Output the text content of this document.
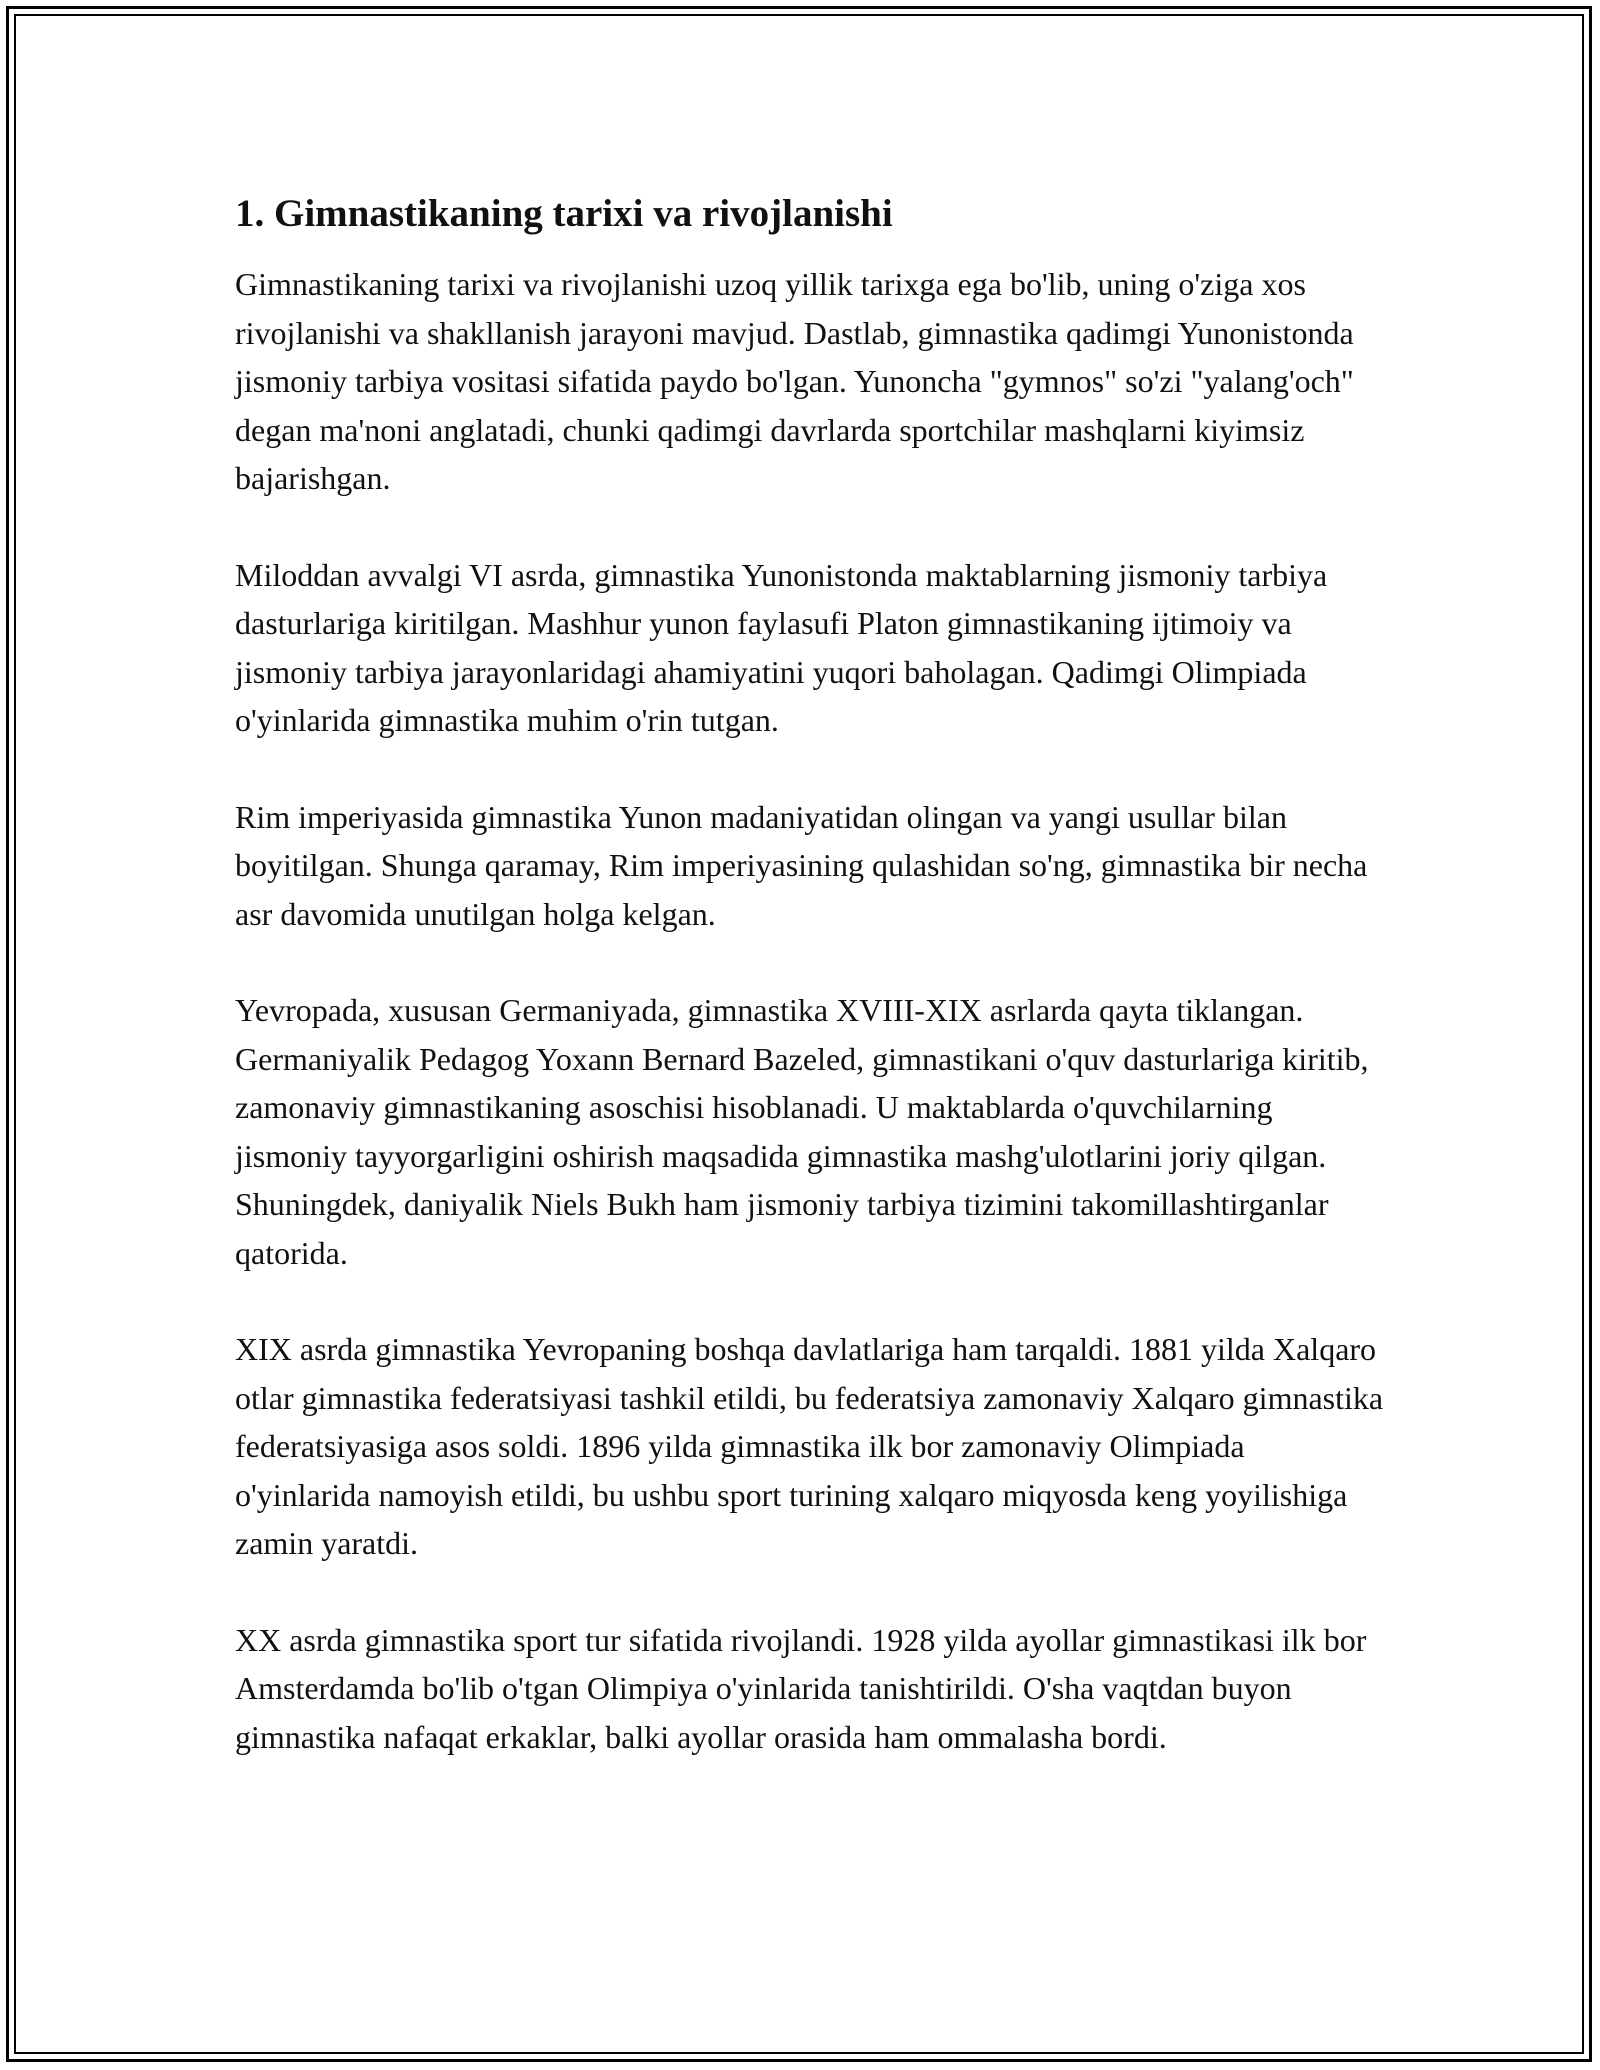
1. Gimnastikaning tarixi va rivojlanishi

Gimnastikaning tarixi va rivojlanishi uzoq yillik tarixga ega bo'lib, uning o'ziga xos rivojlanishi va shakllanish jarayoni mavjud. Dastlab, gimnastika qadimgi Yunonistonda jismoniy tarbiya vositasi sifatida paydo bo'lgan. Yunoncha "gymnos" so'zi "yalang'och" degan ma'noni anglatadi, chunki qadimgi davrlarda sportchilar mashqlarni kiyimsiz bajarishgan.

Miloddan avvalgi VI asrda, gimnastika Yunonistonda maktablarning jismoniy tarbiya dasturlariga kiritilgan. Mashhur yunon faylasufi Platon gimnastikaning ijtimoiy va jismoniy tarbiya jarayonlaridagi ahamiyatini yuqori baholagan. Qadimgi Olimpiada o'yinlarida gimnastika muhim o'rin tutgan.

Rim imperiyasida gimnastika Yunon madaniyatidan olingan va yangi usullar bilan boyitilgan. Shunga qaramay, Rim imperiyasining qulashidan so'ng, gimnastika bir necha asr davomida unutilgan holga kelgan.

Yevropada, xususan Germaniyada, gimnastika XVIII-XIX asrlarda qayta tiklangan. Germaniyalik Pedagog Yoxann Bernard Bazeled, gimnastikani o'quv dasturlariga kiritib, zamonaviy gimnastikaning asoschisi hisoblanadi. U maktablarda o'quvchilarning jismoniy tayyorgarligini oshirish maqsadida gimnastika mashg'ulotlarini joriy qilgan. Shuningdek, daniyalik Niels Bukh ham jismoniy tarbiya tizimini takomillashtirganlar qatorida.

XIX asrda gimnastika Yevropaning boshqa davlatlariga ham tarqaldi. 1881 yilda Xalqaro otlar gimnastika federatsiyasi tashkil etildi, bu federatsiya zamonaviy Xalqaro gimnastika federatsiyasiga asos soldi. 1896 yilda gimnastika ilk bor zamonaviy Olimpiada o'yinlarida namoyish etildi, bu ushbu sport turining xalqaro miqyosda keng yoyilishiga zamin yaratdi.

XX asrda gimnastika sport tur sifatida rivojlandi. 1928 yilda ayollar gimnastikasi ilk bor Amsterdamda bo'lib o'tgan Olimpiya o'yinlarida tanishtirildi. O'sha vaqtdan buyon gimnastika nafaqat erkaklar, balki ayollar orasida ham ommalasha bordi.
